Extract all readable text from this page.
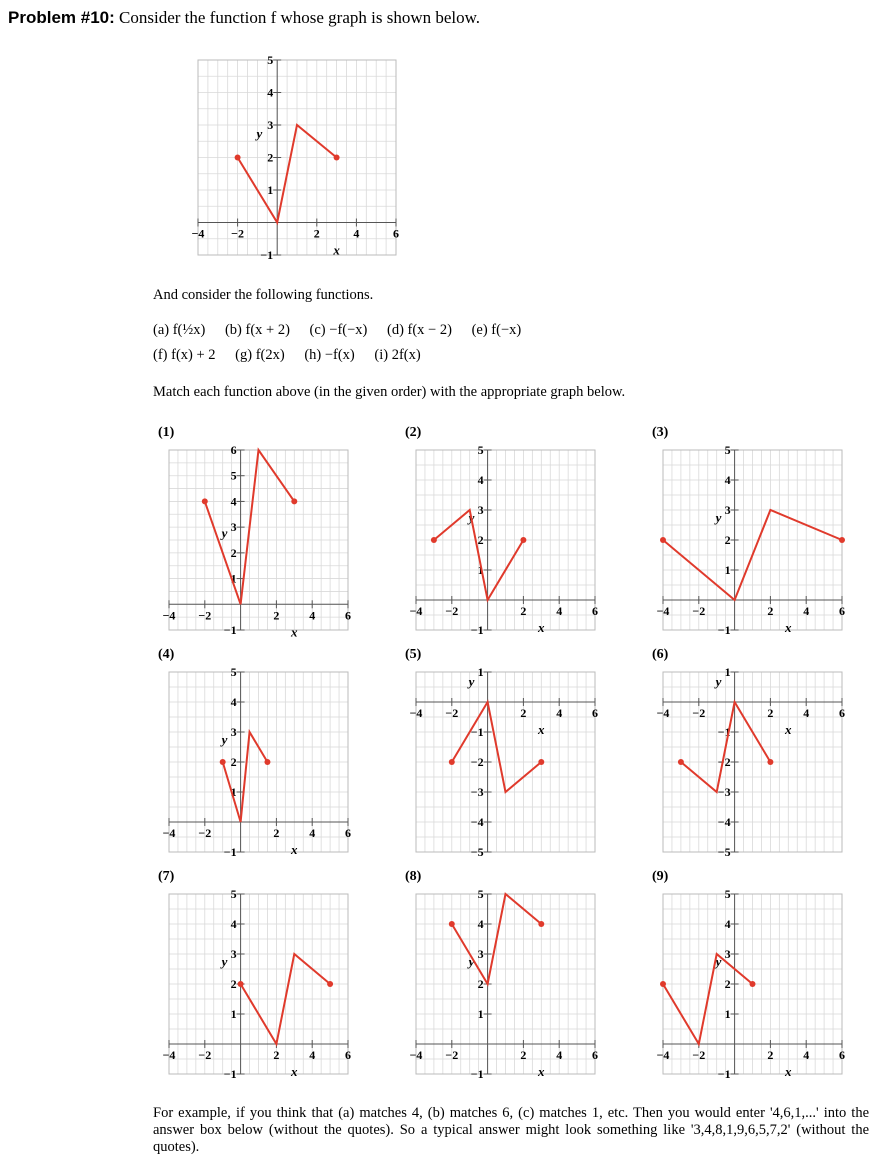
Problem #10: Consider the function f whose graph is shown below.
−4 −2	2	4	6
−1
1
2
3
4
5
x
y
And consider the following functions.
(a) f(½x) (b) f(x + 2) (c) −f(−x) (d) f(x − 2) (e) f(−x)
(f) f(x) + 2 (g) f(2x) (h) −f(x) (i) 2f(x)
Match each function above (in the given order) with the appropriate graph below.
(1)	(2)	(3)
(4)	(5)	(6)
(7)	(8)	(9)
−4 −2	2 4 6
−1
1
2
3
4
5
6
x
y
−4 −2	2 4 6
−1
1
2
3
4
5
x
y
−4 −2	2 4 6
−1
1
2
3
4
5
x
y
−4 −2	2 4 6
−1
1
2
3
4
5
x
y
−4 −2	2 4 6
−5
−4
−3
−2
−1
1
x
y
−4 −2	2 4 6
−5
−4
−3
−2
−1
1
x
y
−4 −2	2 4 6
−1
1
2
3
4
5
x
y
−4 −2	2 4 6
−1
1
2
3
4
5
x
y
−4 −2	2 4 6
−1
1
2
3
4
5
x
y
For example, if you think that (a) matches 4, (b) matches 6, (c) matches 1, etc. Then you would enter '4,6,1,...' into the answer box below (without the quotes). So a typical answer might look something like '3,4,8,1,9,6,5,7,2' (without the quotes).
